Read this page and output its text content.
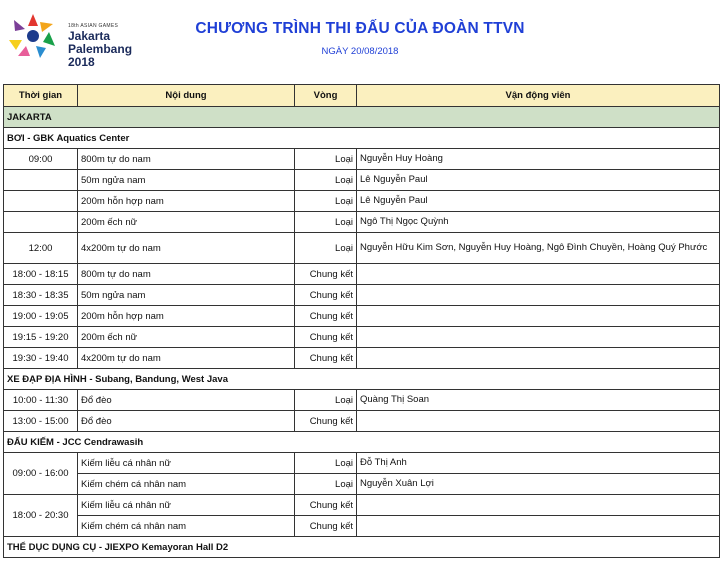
18th ASIAN GAMES
Jakarta
Palembang
2018
CHƯƠNG TRÌNH THI ĐẤU CỦA ĐOÀN TTVN
NGÀY 20/08/2018
Thời gian	Nội dung	Vòng	Vận động viên
JAKARTA			
BƠI - GBK Aquatics Center			
09:00	800m tự do nam	Loại	Nguyễn Huy Hoàng
	50m ngửa nam	Loại	Lê Nguyễn Paul
	200m hỗn hợp nam	Loại	Lê Nguyễn Paul
	200m ếch nữ	Loại	Ngô Thị Ngọc Quỳnh
12:00	4x200m tự do nam	Loại	Nguyễn Hữu Kim Sơn, Nguyễn Huy Hoàng, Ngô Đình Chuyền, Hoàng Quý Phước
18:00 - 18:15	800m tự do nam	Chung kết	
18:30 - 18:35	50m ngửa nam	Chung kết	
19:00 - 19:05	200m hỗn hợp nam	Chung kết	
19:15 - 19:20	200m ếch nữ	Chung kết	
19:30 - 19:40	4x200m tự do nam	Chung kết	
XE ĐẠP ĐỊA HÌNH - Subang, Bandung, West Java			
10:00 - 11:30	Đổ đèo	Loại	Quàng Thị Soan
13:00 - 15:00	Đổ đèo	Chung kết	
ĐẤU KIẾM - JCC Cendrawasih			
09:00 - 16:00	Kiếm liễu cá nhân nữ	Loại	Đỗ Thị Anh
	Kiếm chém cá nhân nam	Loại	Nguyễn Xuân Lợi
18:00 - 20:30	Kiếm liễu cá nhân nữ	Chung kết	
	Kiếm chém cá nhân nam	Chung kết	
THỂ DỤC DỤNG CỤ - JIEXPO Kemayoran Hall D2			
